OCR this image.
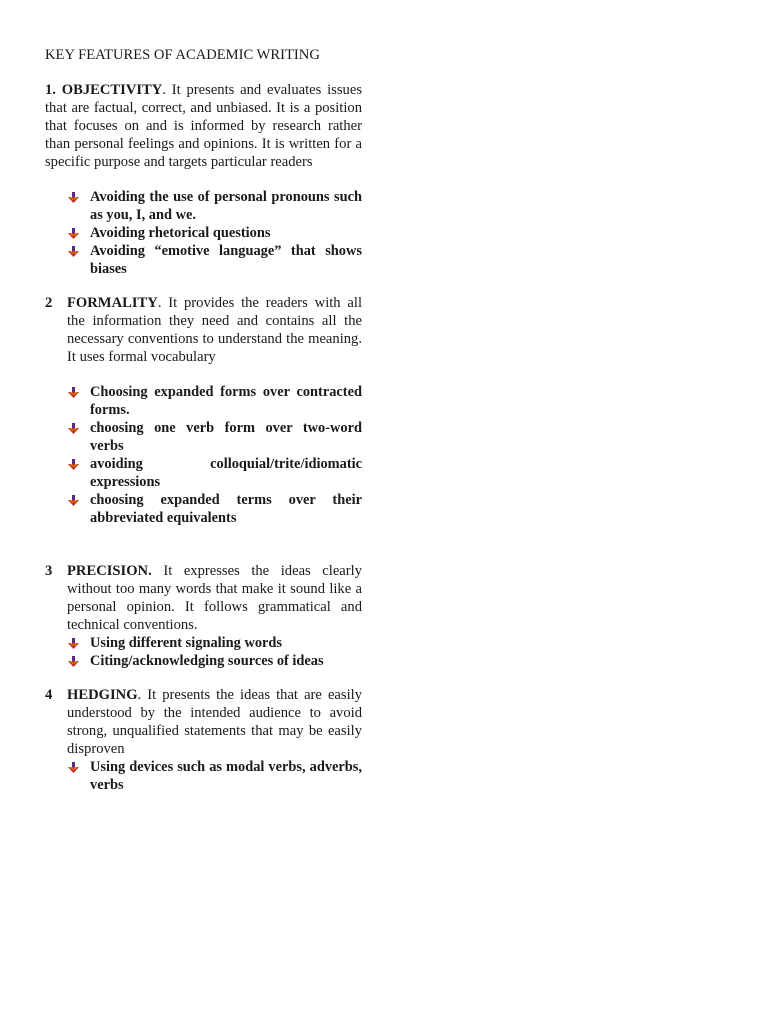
KEY FEATURES OF ACADEMIC WRITING

1. OBJECTIVITY. It presents and evaluates issues that are factual, correct, and unbiased. It is a position that focuses on and is informed by research rather than personal feelings and opinions. It is written for a specific purpose and targets particular readers

Avoiding the use of personal pronouns such as you, I, and we.
Avoiding rhetorical questions
Avoiding “emotive language” that shows biases
2	FORMALITY. It provides the readers with all the information they need and contains all the necessary conventions to understand the meaning. It uses formal vocabulary

Choosing expanded forms over contracted forms.
choosing one verb form over two-word verbs
avoiding colloquial/trite/idiomatic expressions
choosing expanded terms over their abbreviated equivalents
3	PRECISION. It expresses the ideas clearly without too many words that make it sound like a personal opinion. It follows grammatical and technical conventions.

Using different signaling words
Citing/acknowledging sources of ideas
4	HEDGING. It presents the ideas that are easily understood by the intended audience to avoid strong, unqualified statements that may be easily disproven

Using devices such as modal verbs, adverbs, verbs
